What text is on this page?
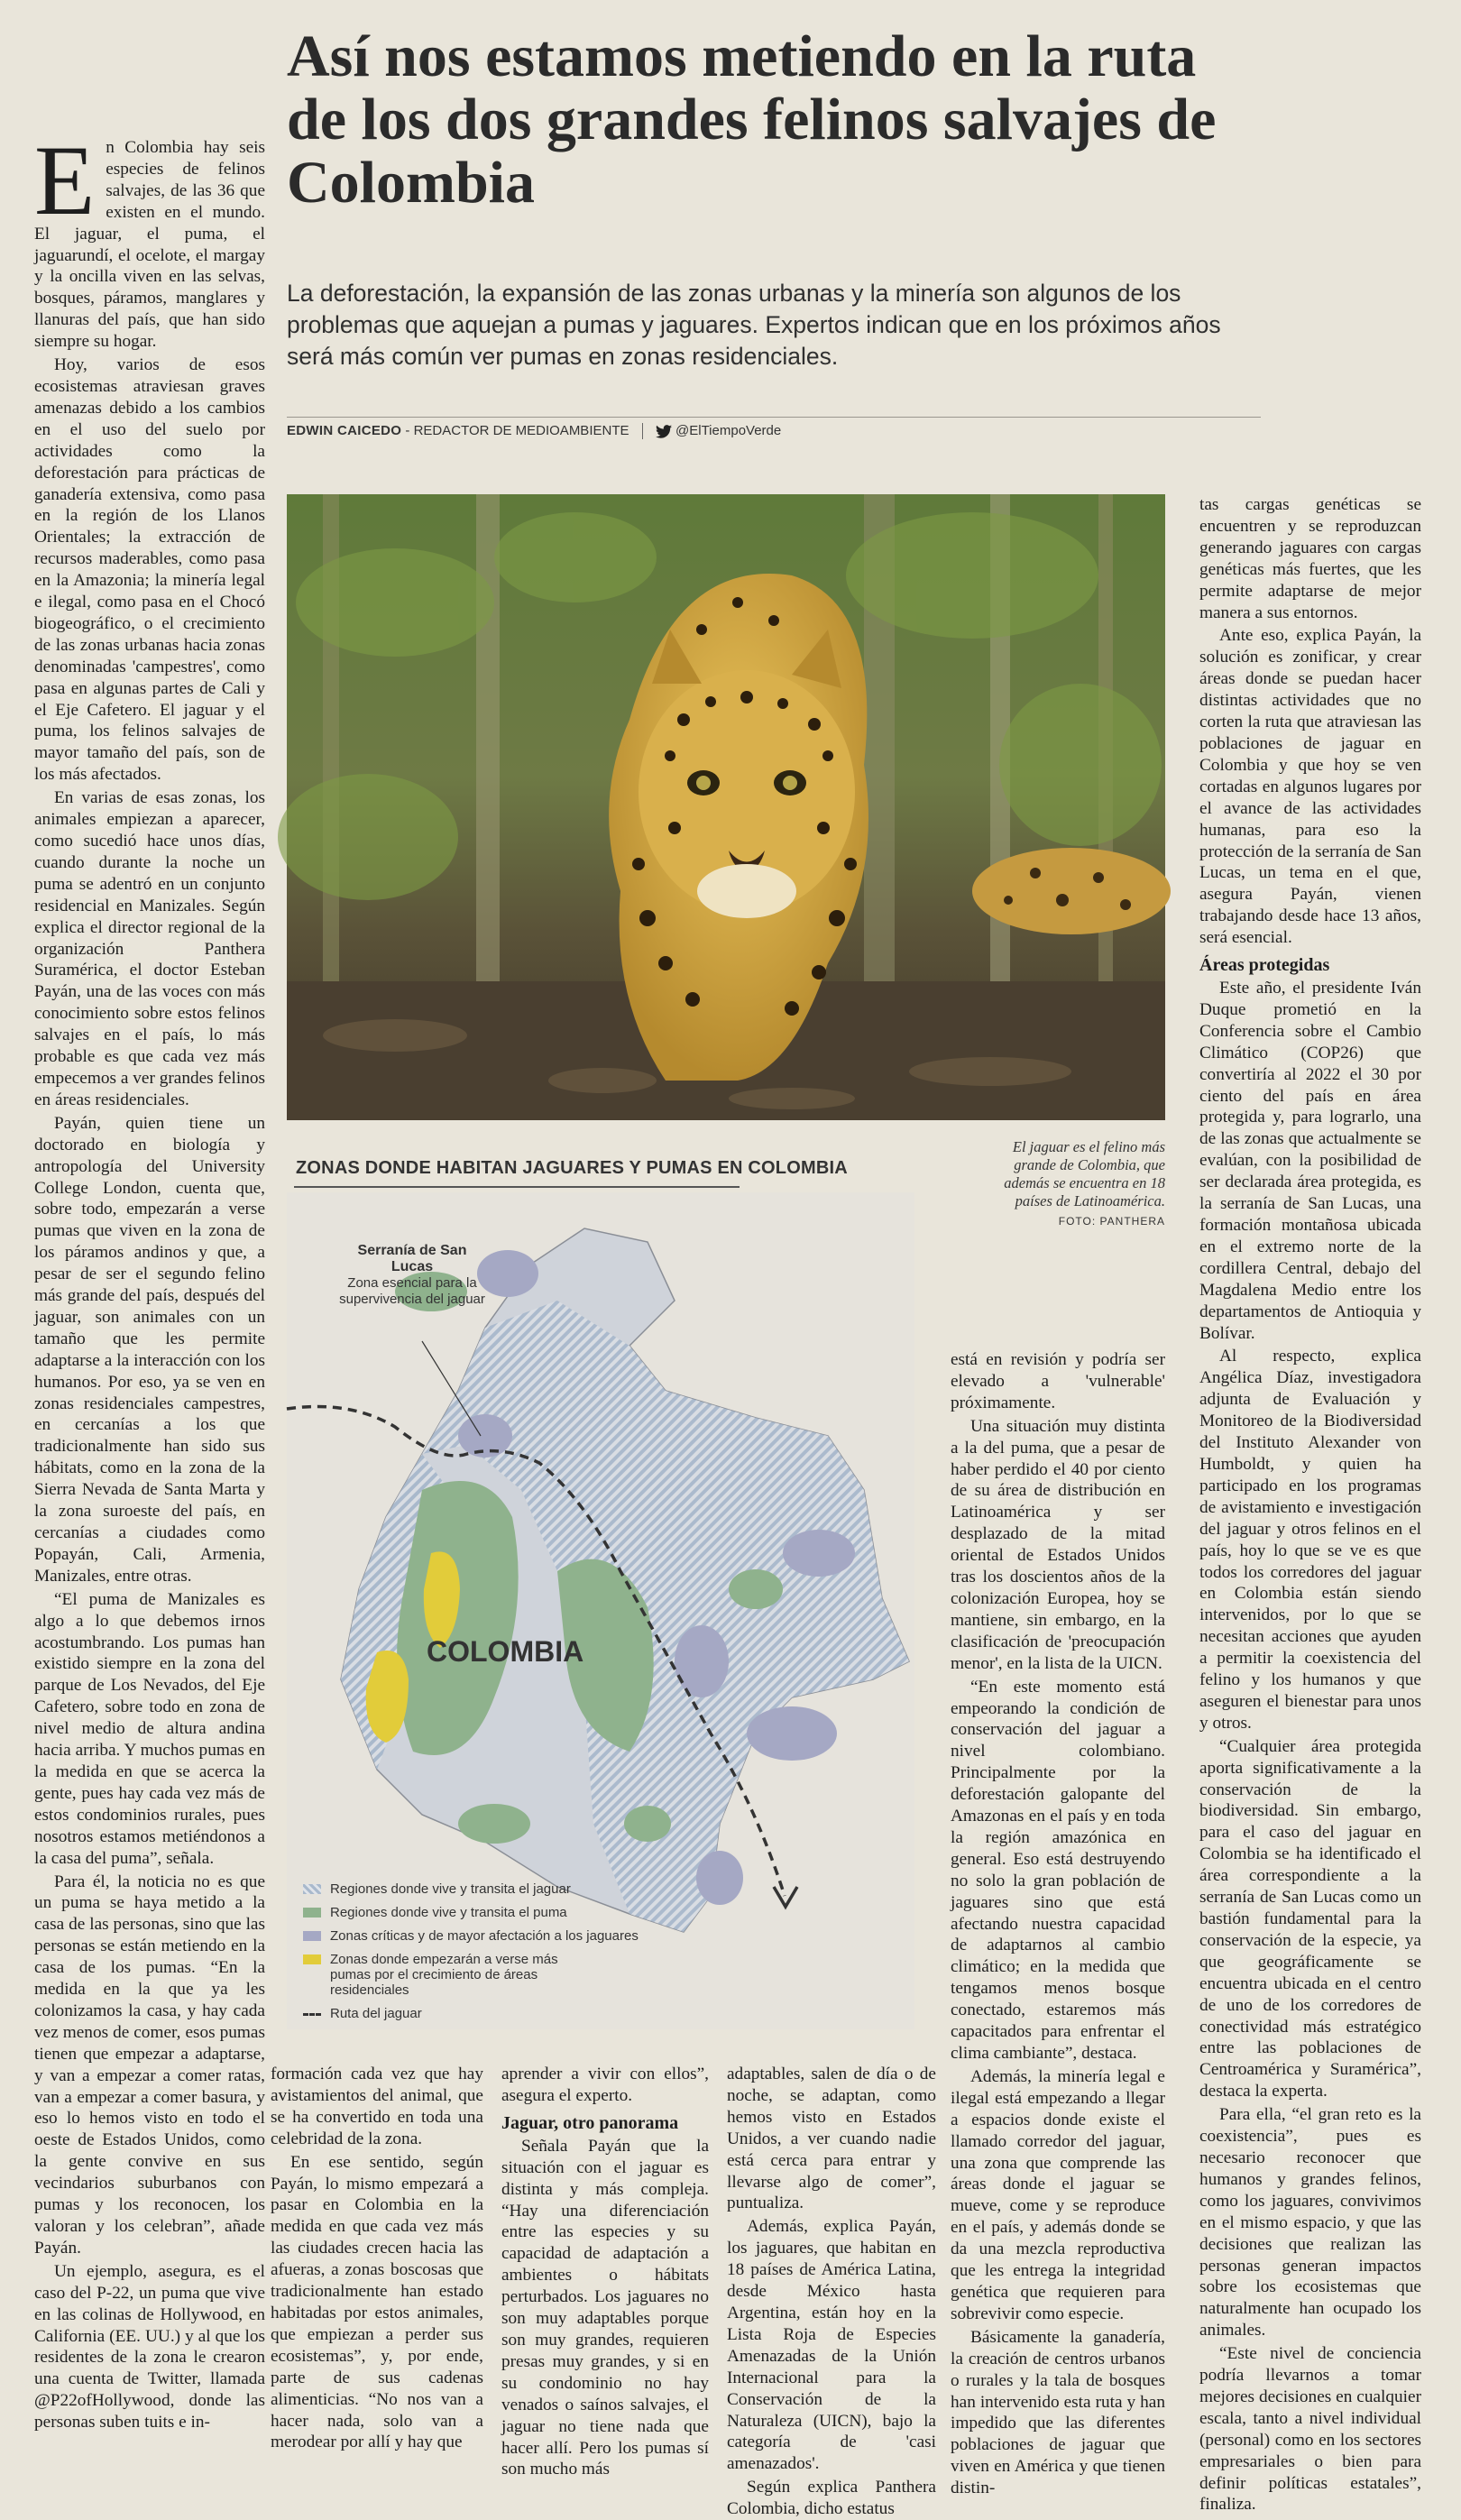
Así nos estamos metiendo en la ruta de los dos grandes felinos salvajes de Colombia

La deforestación, la expansión de las zonas urbanas y la minería son algunos de los problemas que aquejan a pumas y jaguares. Expertos indican que en los próximos años será más común ver pumas en zonas residenciales.

EDWIN CAICEDO - REDACTOR DE MEDIOAMBIENTE	@ElTiempoVerde

En Colombia hay seis especies de felinos salvajes, de las 36 que existen en el mundo. El jaguar, el puma, el jaguarundí, el ocelote, el margay y la oncilla viven en las selvas, bosques, páramos, manglares y llanuras del país, que han sido siempre su hogar.

Hoy, varios de esos ecosistemas atraviesan graves amenazas debido a los cambios en el uso del suelo por actividades como la deforestación para prácticas de ganadería extensiva, como pasa en la región de los Llanos Orientales; la extracción de recursos maderables, como pasa en la Amazonia; la minería legal e ilegal, como pasa en el Chocó biogeográfico, o el crecimiento de las zonas urbanas hacia zonas denominadas 'campestres', como pasa en algunas partes de Cali y el Eje Cafetero. El jaguar y el puma, los felinos salvajes de mayor tamaño del país, son de los más afectados.

En varias de esas zonas, los animales empiezan a aparecer, como sucedió hace unos días, cuando durante la noche un puma se adentró en un conjunto residencial en Manizales. Según explica el director regional de la organización Panthera Suramérica, el doctor Esteban Payán, una de las voces con más conocimiento sobre estos felinos salvajes en el país, lo más probable es que cada vez más empecemos a ver grandes felinos en áreas residenciales.

Payán, quien tiene un doctorado en biología y antropología del University College London, cuenta que, sobre todo, empezarán a verse pumas que viven en la zona de los páramos andinos y que, a pesar de ser el segundo felino más grande del país, después del jaguar, son animales con un tamaño que les permite adaptarse a la interacción con los humanos. Por eso, ya se ven en zonas residenciales campestres, en cercanías a los que tradicionalmente han sido sus hábitats, como en la zona de la Sierra Nevada de Santa Marta y la zona suroeste del país, en cercanías a ciudades como Popayán, Cali, Armenia, Manizales, entre otras.

“El puma de Manizales es algo a lo que debemos irnos acostumbrando. Los pumas han existido siempre en la zona del parque de Los Nevados, del Eje Cafetero, sobre todo en zona de nivel medio de altura andina hacia arriba. Y muchos pumas en la medida en que se acerca la gente, pues hay cada vez más de estos condominios rurales, pues nosotros estamos metiéndonos a la casa del puma”, señala.

Para él, la noticia no es que un puma se haya metido a la casa de las personas, sino que las personas se están metiendo en la casa de los pumas. “En la medida en la que ya les colonizamos la casa, y hay cada vez menos de comer, esos pumas tienen que empezar a adaptarse, y van a empezar a comer ratas, van a empezar a comer basura, y eso lo hemos visto en todo el oeste de Estados Unidos, como la gente convive en sus vecindarios suburbanos con pumas y los reconocen, los valoran y los celebran”, añade Payán.

Un ejemplo, asegura, es el caso del P-22, un puma que vive en las colinas de Hollywood, en California (EE. UU.) y al que los residentes de la zona le crearon una cuenta de Twitter, llamada @P22ofHollywood, donde las personas suben tuits e in-

El jaguar es el felino más grande de Colombia, que además se encuentra en 18 países de Latinoamérica.
FOTO: PANTHERA
ZONAS DONDE HABITAN JAGUARES Y PUMAS EN COLOMBIA
COLOMBIA
Serranía de San Lucas
Zona esencial para la supervivencia del jaguar
Regiones donde vive y transita el jaguar
Regiones donde vive y transita el puma
Zonas críticas y de mayor afectación a los jaguares
Zonas donde empezarán a verse más pumas por el crecimiento de áreas residenciales
Ruta del jaguar

formación cada vez que hay avistamientos del animal, que se ha convertido en toda una celebridad de la zona.

En ese sentido, según Payán, lo mismo empezará a pasar en Colombia en la medida en que cada vez más las ciudades crecen hacia las afueras, a zonas boscosas que tradicionalmente han estado habitadas por estos animales, que empiezan a perder sus ecosistemas”, y, por ende, parte de sus cadenas alimenticias. “No nos van a hacer nada, solo van a merodear por allí y hay que

aprender a vivir con ellos”, asegura el experto.

Jaguar, otro panorama

Señala Payán que la situación con el jaguar es distinta y más compleja. “Hay una diferenciación entre las especies y su capacidad de adaptación a ambientes o hábitats perturbados. Los jaguares no son muy adaptables porque son muy grandes, requieren presas muy grandes, y si en su condominio no hay venados o saínos salvajes, el jaguar no tiene nada que hacer allí. Pero los pumas sí son mucho más

adaptables, salen de día o de noche, se adaptan, como hemos visto en Estados Unidos, a ver cuando nadie está cerca para entrar y llevarse algo de comer”, puntualiza.

Además, explica Payán, los jaguares, que habitan en 18 países de América Latina, desde México hasta Argentina, están hoy en la Lista Roja de Especies Amenazadas de la Unión Internacional para la Conservación de la Naturaleza (UICN), bajo la categoría de 'casi amenazados'.

Según explica Panthera Colombia, dicho estatus

está en revisión y podría ser elevado a 'vulnerable' próximamente.

Una situación muy distinta a la del puma, que a pesar de haber perdido el 40 por ciento de su área de distribución en Latinoamérica y ser desplazado de la mitad oriental de Estados Unidos tras los doscientos años de la colonización Europea, hoy se mantiene, sin embargo, en la clasificación de 'preocupación menor', en la lista de la UICN.

“En este momento está empeorando la condición de conservación del jaguar a nivel colombiano. Principalmente por la deforestación galopante del Amazonas en el país y en toda la región amazónica en general. Eso está destruyendo no solo la gran población de jaguares sino que está afectando nuestra capacidad de adaptarnos al cambio climático; en la medida que tengamos menos bosque conectado, estaremos más capacitados para enfrentar el clima cambiante”, destaca.

Además, la minería legal e ilegal está empezando a llegar a espacios donde existe el llamado corredor del jaguar, una zona que comprende las áreas donde el jaguar se mueve, come y se reproduce en el país, y además donde se da una mezcla reproductiva que les entrega la integridad genética que requieren para sobrevivir como especie.

Básicamente la ganadería, la creación de centros urbanos o rurales y la tala de bosques han intervenido esta ruta y han impedido que las diferentes poblaciones de jaguar que viven en América y que tienen distin-

tas cargas genéticas se encuentren y se reproduzcan generando jaguares con cargas genéticas más fuertes, que les permite adaptarse de mejor manera a sus entornos.

Ante eso, explica Payán, la solución es zonificar, y crear áreas donde se puedan hacer distintas actividades que no corten la ruta que atraviesan las poblaciones de jaguar en Colombia y que hoy se ven cortadas en algunos lugares por el avance de las actividades humanas, para eso la protección de la serranía de San Lucas, un tema en el que, asegura Payán, vienen trabajando desde hace 13 años, será esencial.

Áreas protegidas

Este año, el presidente Iván Duque prometió en la Conferencia sobre el Cambio Climático (COP26) que convertiría al 2022 el 30 por ciento del país en área protegida y, para lograrlo, una de las zonas que actualmente se evalúan, con la posibilidad de ser declarada área protegida, es la serranía de San Lucas, una formación montañosa ubicada en el extremo norte de la cordillera Central, debajo del Magdalena Medio entre los departamentos de Antioquia y Bolívar.

Al respecto, explica Angélica Díaz, investigadora adjunta de Evaluación y Monitoreo de la Biodiversidad del Instituto Alexander von Humboldt, y quien ha participado en los programas de avistamiento e investigación del jaguar y otros felinos en el país, hoy lo que se ve es que todos los corredores del jaguar en Colombia están siendo intervenidos, por lo que se necesitan acciones que ayuden a permitir la coexistencia del felino y los humanos y que aseguren el bienestar para unos y otros.

“Cualquier área protegida aporta significativamente a la conservación de la biodiversidad. Sin embargo, para el caso del jaguar en Colombia se ha identificado el área correspondiente a la serranía de San Lucas como un bastión fundamental para la conservación de la especie, ya que geográficamente se encuentra ubicada en el centro de uno de los corredores de conectividad más estratégico entre las poblaciones de Centroamérica y Suramérica”, destaca la experta.

Para ella, “el gran reto es la coexistencia”, pues es necesario reconocer que humanos y grandes felinos, como los jaguares, convivimos en el mismo espacio, y que las decisiones que realizan las personas generan impactos sobre los ecosistemas que naturalmente han ocupado los animales.

“Este nivel de conciencia podría llevarnos a tomar mejores decisiones en cualquier escala, tanto a nivel individual (personal) como en los sectores empresariales o bien para definir políticas estatales”, finaliza.
